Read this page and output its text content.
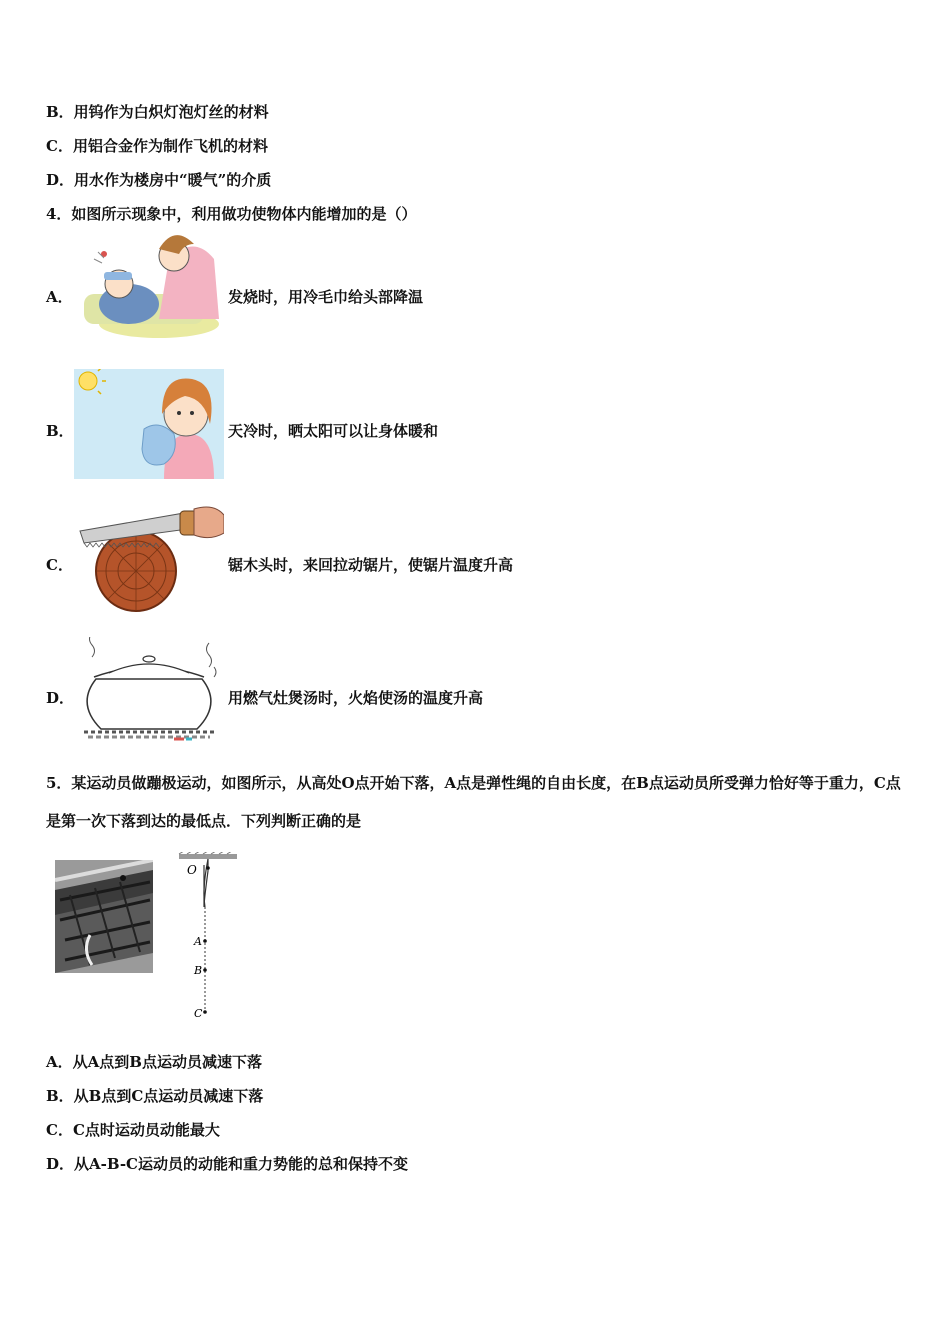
B．用钨作为白炽灯泡灯丝的材料
C．用铝合金作为制作飞机的材料
D．用水作为楼房中“暖气”的介质
4．如图所示现象中，利用做功使物体内能增加的是（）
A．	发烧时，用冷毛巾给头部降温
B．	天冷时，晒太阳可以让身体暖和
C．	锯木头时，来回拉动锯片，使锯片温度升高
D．	用燃气灶煲汤时，火焰使汤的温度升高
5．某运动员做蹦极运动，如图所示，从高处O点开始下落，A点是弹性绳的自由长度，在B点运动员所受弹力恰好等于重力，C点是第一次下落到达的最低点．下列判断正确的是
O
A
B
C
A．从A点到B点运动员减速下落
B．从B点到C点运动员减速下落
C．C点时运动员动能最大
D．从A-B-C运动员的动能和重力势能的总和保持不变
